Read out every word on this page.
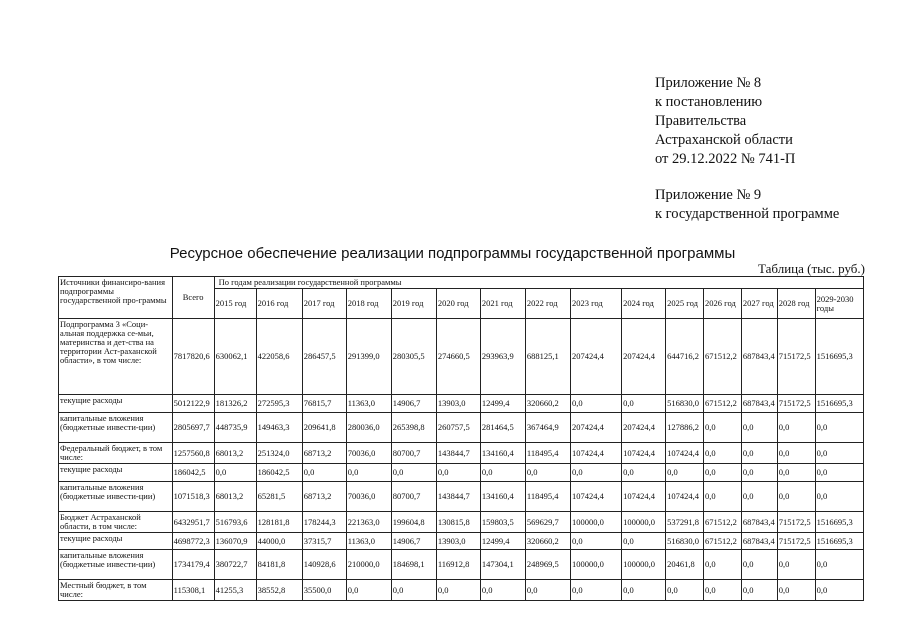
Приложение № 8
к постановлению
Правительства
Астраханской области
от 29.12.2022 № 741-П
Приложение № 9
к государственной программе
Ресурсное обеспечение реализации подпрограммы государственной программы
Таблица (тыс. руб.)
Источники финансиро-вания подпрограммы государственной про-граммы	Всего	По годам реализации государственной программы														
		2015 год	2016 год	2017 год	2018 год	2019 год	2020 год	2021 год	2022 год	2023 год	2024 год	2025 год	2026 год	2027 год	2028 год	2029-2030 годы
Подпрограмма 3 «Соци-альная поддержка се-мьи, материнства и дет-ства на территории Аст-раханской области», в том числе:	7817820,6	630062,1	422058,6	286457,5	291399,0	280305,5	274660,5	293963,9	688125,1	207424,4	207424,4	644716,2	671512,2	687843,4	715172,5	1516695,3
текущие расходы	5012122,9	181326,2	272595,3	76815,7	11363,0	14906,7	13903,0	12499,4	320660,2	0,0	0,0	516830,0	671512,2	687843,4	715172,5	1516695,3
капитальные вложения (бюджетные инвести-ции)	2805697,7	448735,9	149463,3	209641,8	280036,0	265398,8	260757,5	281464,5	367464,9	207424,4	207424,4	127886,2	0,0	0,0	0,0	0,0
Федеральный бюджет, в том числе:	1257560,8	68013,2	251324,0	68713,2	70036,0	80700,7	143844,7	134160,4	118495,4	107424,4	107424,4	107424,4	0,0	0,0	0,0	0,0
текущие расходы	186042,5	0,0	186042,5	0,0	0,0	0,0	0,0	0,0	0,0	0,0	0,0	0,0	0,0	0,0	0,0	0,0
капитальные вложения (бюджетные инвести-ции)	1071518,3	68013,2	65281,5	68713,2	70036,0	80700,7	143844,7	134160,4	118495,4	107424,4	107424,4	107424,4	0,0	0,0	0,0	0,0
Бюджет Астраханской области, в том числе:	6432951,7	516793,6	128181,8	178244,3	221363,0	199604,8	130815,8	159803,5	569629,7	100000,0	100000,0	537291,8	671512,2	687843,4	715172,5	1516695,3
текущие расходы	4698772,3	136070,9	44000,0	37315,7	11363,0	14906,7	13903,0	12499,4	320660,2	0,0	0,0	516830,0	671512,2	687843,4	715172,5	1516695,3
капитальные вложения (бюджетные инвести-ции)	1734179,4	380722,7	84181,8	140928,6	210000,0	184698,1	116912,8	147304,1	248969,5	100000,0	100000,0	20461,8	0,0	0,0	0,0	0,0
Местный бюджет, в том числе:	115308,1	41255,3	38552,8	35500,0	0,0	0,0	0,0	0,0	0,0	0,0	0,0	0,0	0,0	0,0	0,0	0,0
